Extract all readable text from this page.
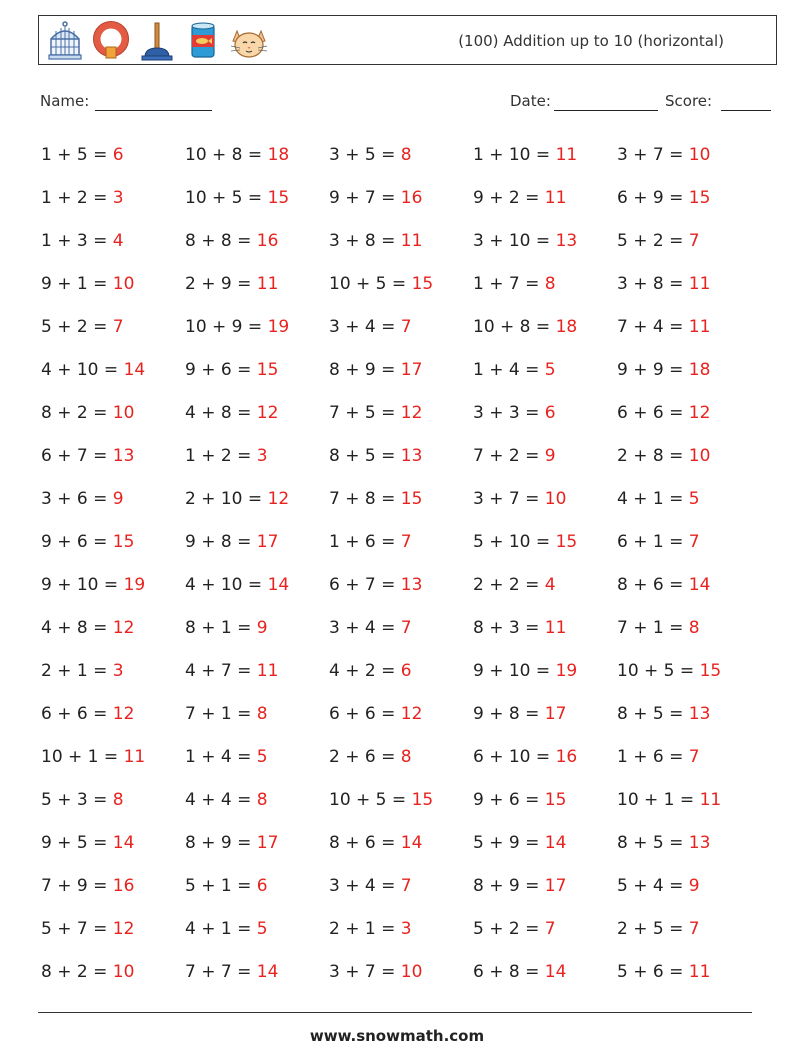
(100) Addition up to 10 (horizontal)
Name:	Date:	Score:
1 + 5 = 6	10 + 8 = 18	3 + 5 = 8	1 + 10 = 11	3 + 7 = 10
1 + 2 = 3	10 + 5 = 15	9 + 7 = 16	9 + 2 = 11	6 + 9 = 15
1 + 3 = 4	8 + 8 = 16	3 + 8 = 11	3 + 10 = 13	5 + 2 = 7
9 + 1 = 10	2 + 9 = 11	10 + 5 = 15	1 + 7 = 8	3 + 8 = 11
5 + 2 = 7	10 + 9 = 19	3 + 4 = 7	10 + 8 = 18	7 + 4 = 11
4 + 10 = 14	9 + 6 = 15	8 + 9 = 17	1 + 4 = 5	9 + 9 = 18
8 + 2 = 10	4 + 8 = 12	7 + 5 = 12	3 + 3 = 6	6 + 6 = 12
6 + 7 = 13	1 + 2 = 3	8 + 5 = 13	7 + 2 = 9	2 + 8 = 10
3 + 6 = 9	2 + 10 = 12	7 + 8 = 15	3 + 7 = 10	4 + 1 = 5
9 + 6 = 15	9 + 8 = 17	1 + 6 = 7	5 + 10 = 15	6 + 1 = 7
9 + 10 = 19	4 + 10 = 14	6 + 7 = 13	2 + 2 = 4	8 + 6 = 14
4 + 8 = 12	8 + 1 = 9	3 + 4 = 7	8 + 3 = 11	7 + 1 = 8
2 + 1 = 3	4 + 7 = 11	4 + 2 = 6	9 + 10 = 19	10 + 5 = 15
6 + 6 = 12	7 + 1 = 8	6 + 6 = 12	9 + 8 = 17	8 + 5 = 13
10 + 1 = 11	1 + 4 = 5	2 + 6 = 8	6 + 10 = 16	1 + 6 = 7
5 + 3 = 8	4 + 4 = 8	10 + 5 = 15	9 + 6 = 15	10 + 1 = 11
9 + 5 = 14	8 + 9 = 17	8 + 6 = 14	5 + 9 = 14	8 + 5 = 13
7 + 9 = 16	5 + 1 = 6	3 + 4 = 7	8 + 9 = 17	5 + 4 = 9
5 + 7 = 12	4 + 1 = 5	2 + 1 = 3	5 + 2 = 7	2 + 5 = 7
8 + 2 = 10	7 + 7 = 14	3 + 7 = 10	6 + 8 = 14	5 + 6 = 11
www.snowmath.com
